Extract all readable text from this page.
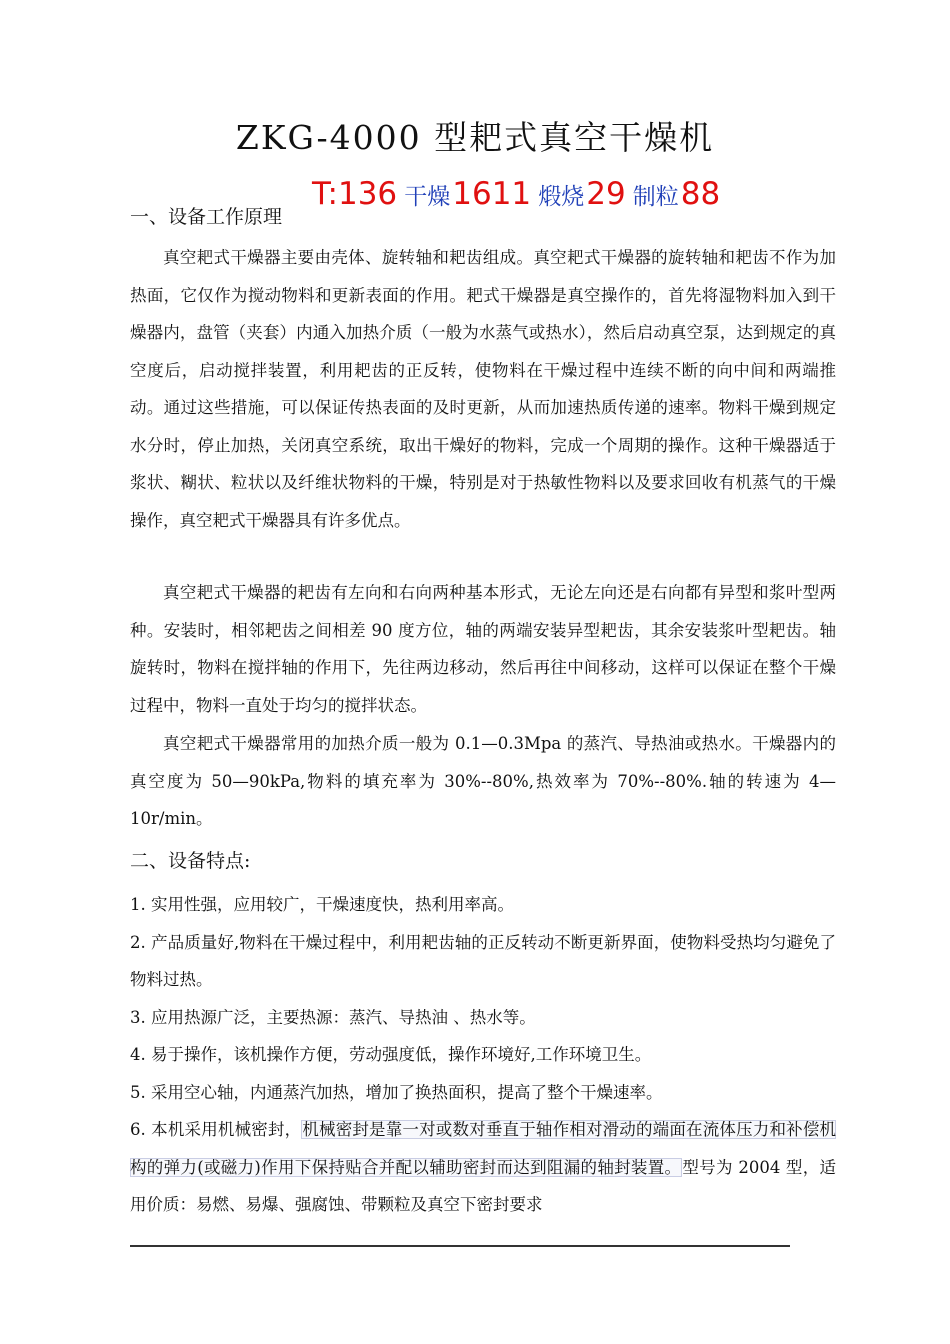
ZKG-4000 型耙式真空干燥机
一、设备工作原理
T:136 干燥1611 煅烧29 制粒88

真空耙式干燥器主要由壳体、旋转轴和耙齿组成。真空耙式干燥器的旋转轴和耙齿不作为加热面，它仅作为搅动物料和更新表面的作用。耙式干燥器是真空操作的，首先将湿物料加入到干燥器内，盘管（夹套）内通入加热介质（一般为水蒸气或热水），然后启动真空泵，达到规定的真空度后，启动搅拌装置，利用耙齿的正反转，使物料在干燥过程中连续不断的向中间和两端推动。通过这些措施，可以保证传热表面的及时更新，从而加速热质传递的速率。物料干燥到规定水分时，停止加热，关闭真空系统，取出干燥好的物料，完成一个周期的操作。这种干燥器适于浆状、糊状、粒状以及纤维状物料的干燥，特别是对于热敏性物料以及要求回收有机蒸气的干燥操作，真空耙式干燥器具有许多优点。

真空耙式干燥器的耙齿有左向和右向两种基本形式，无论左向还是右向都有异型和浆叶型两种。安装时，相邻耙齿之间相差 90 度方位，轴的两端安装异型耙齿，其余安装浆叶型耙齿。轴旋转时，物料在搅拌轴的作用下，先往两边移动，然后再往中间移动，这样可以保证在整个干燥过程中，物料一直处于均匀的搅拌状态。

真空耙式干燥器常用的加热介质一般为 0.1—0.3Mpa 的蒸汽、导热油或热水。干燥器内的真空度为 50—90kPa,物料的填充率为 30%--80%,热效率为 70%--80%.轴的转速为 4—10r/min。

二、设备特点:
1. 实用性强，应用较广，干燥速度快，热利用率高。
2. 产品质量好,物料在干燥过程中，利用耙齿轴的正反转动不断更新界面，使物料受热均匀避免了物料过热。
3. 应用热源广泛，主要热源：蒸汽、导热油 、热水等。
4. 易于操作，该机操作方便，劳动强度低，操作环境好,工作环境卫生。
5. 采用空心轴，内通蒸汽加热，增加了换热面积，提高了整个干燥速率。
6. 本机采用机械密封，机械密封是靠一对或数对垂直于轴作相对滑动的端面在流体压力和补偿机构的弹力(或磁力)作用下保持贴合并配以辅助密封而达到阻漏的轴封装置。型号为 2004 型，适用价质：易燃、易爆、强腐蚀、带颗粒及真空下密封要求
